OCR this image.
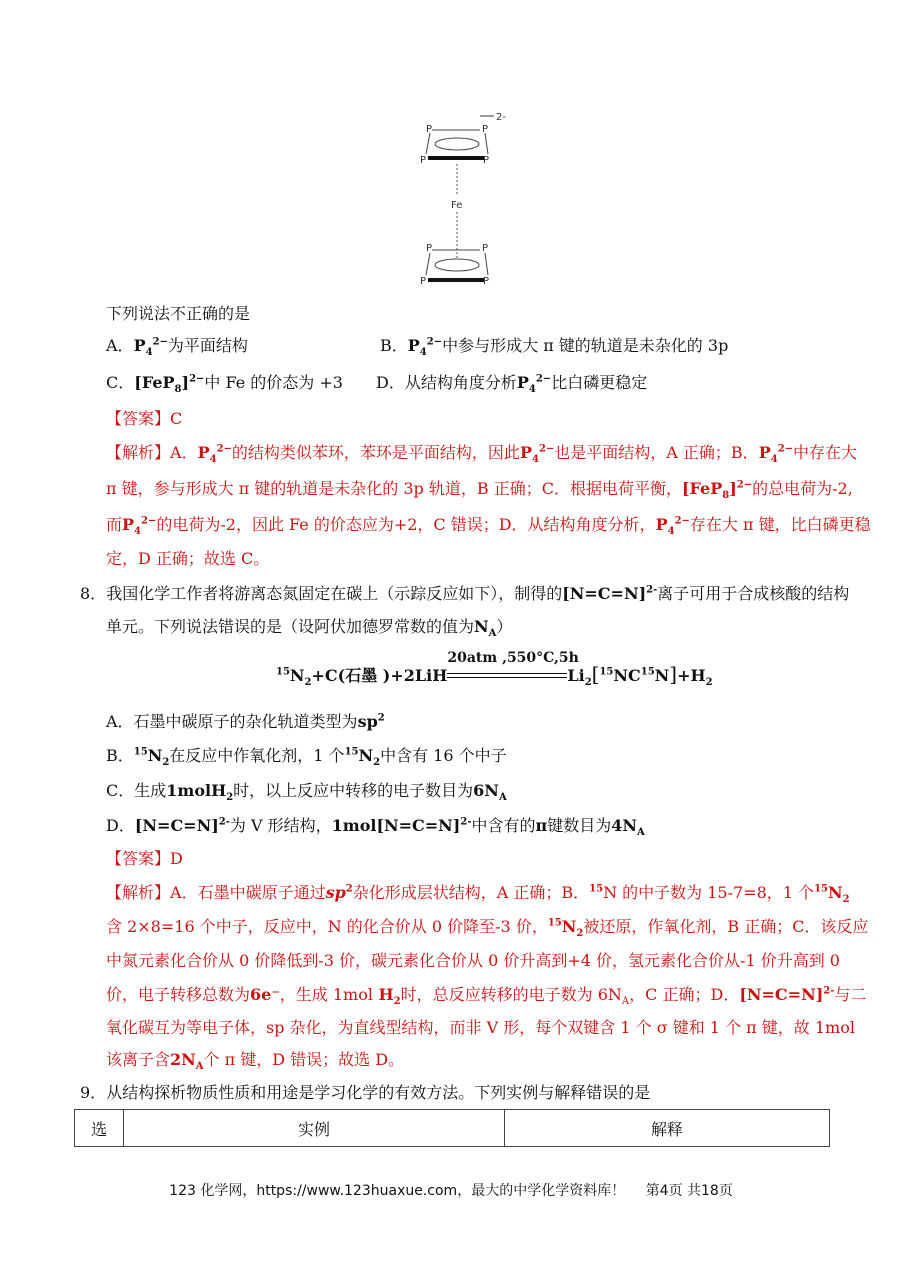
P	P
P	P
2-
Fe
P	P
P	P
下列说法不正确的是
A．$P_4^{2-}$为平面结构	B．$P_4^{2-}$中参与形成大 π 键的轨道是未杂化的 3p
C．$[FeP_8]^{2-}$中 Fe 的价态为 +3 D．从结构角度分析$P_4^{2-}$比白磷更稳定
【答案】C
【解析】A．$P_4^{2-}$的结构类似苯环，苯环是平面结构，因此$P_4^{2-}$也是平面结构，A 正确；B．$P_4^{2-}$中存在大
π 键，参与形成大 π 键的轨道是未杂化的 3p 轨道，B 正确；C．根据电荷平衡，$[FeP_8]^{2-}$的总电荷为-2,
而$P_4^{2-}$的电荷为-2，因此 Fe 的价态应为+2，C 错误；D．从结构角度分析，$P_4^{2-}$存在大 π 键，比白磷更稳
定，D 正确；故选 C。
8．我国化学工作者将游离态氮固定在碳上（示踪反应如下），制得的[N=C=N]$^{2-}$离子可用于合成核酸的结构
单元。下列说法错误的是（设阿伏加德罗常数的值为$N_A$）
$^{15}N_2+C$(石墨 )+2LiH
20atm ,550°C,5h
$Li_2[^{15}NC^{15}N]+H_2$
A．石墨中碳原子的杂化轨道类型为$sp^2$
B．$^{15}N_2$在反应中作氧化剂，1 个$^{15}N_2$中含有 16 个中子
C．生成1molH$_2$时，以上反应中转移的电子数目为$6N_A$
D．[N=C=N]$^{2-}$为 V 形结构，1mol[N=C=N]$^{2-}$中含有的π键数目为$4N_A$
【答案】D
【解析】A．石墨中碳原子通过$sp^2$杂化形成层状结构，A 正确；B．$^{15}$N 的中子数为 15-7=8，1 个$^{15}N_2$
含 2×8=16 个中子，反应中，N 的化合价从 0 价降至-3 价，$^{15}N_2$被还原，作氧化剂，B 正确；C．该反应
中氮元素化合价从 0 价降低到-3 价，碳元素化合价从 0 价升高到+4 价，氢元素化合价从-1 价升高到 0
价，电子转移总数为6e⁻，生成 1mol $H_2$时，总反应转移的电子数为 $6N_A$，C 正确；D．[N=C=N]$^{2-}$与二
氧化碳互为等电子体，sp 杂化，为直线型结构，而非 V 形，每个双键含 1 个 σ 键和 1 个 π 键，故 1mol
该离子含$2N_A$个 π 键，D 错误；故选 D。
9．从结构探析物质性质和用途是学习化学的有效方法。下列实例与解释错误的是
选	实例	解释
123 化学网，https://www.123huaxue.com，最大的中学化学资料库！ 第4页 共18页
